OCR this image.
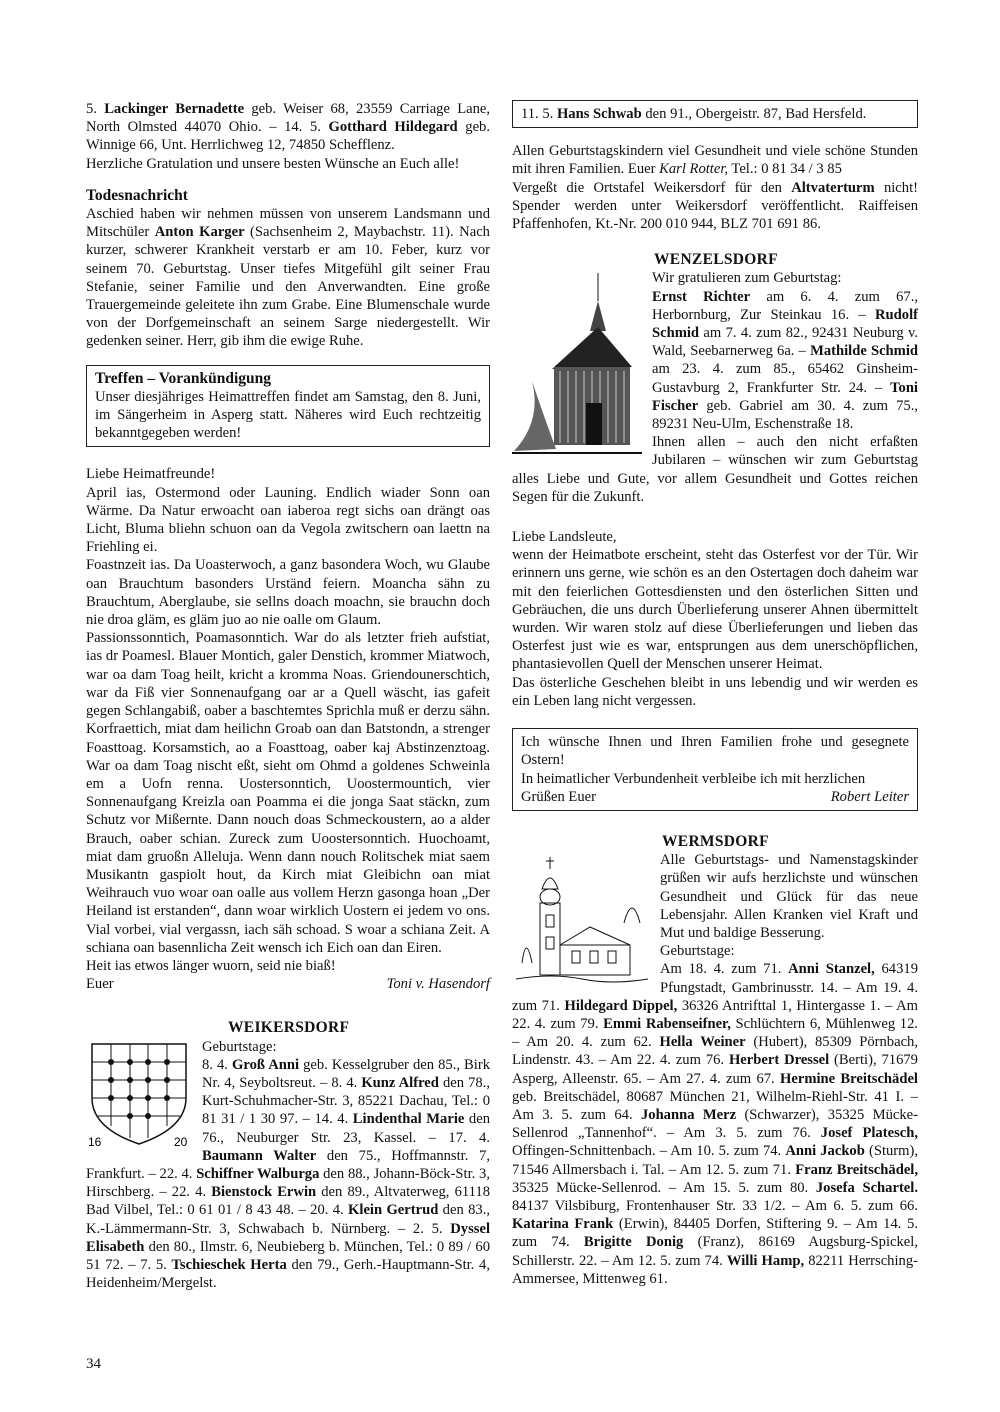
5. Lackinger Bernadette geb. Weiser 68, 23559 Carriage Lane, North Olmsted 44070 Ohio. – 14. 5. Gotthard Hildegard geb. Winnige 66, Unt. Herrlichweg 12, 74850 Schefflenz.

Herzliche Gratulation und unsere besten Wünsche an Euch alle!

Todesnachricht

Aschied haben wir nehmen müssen von unserem Landsmann und Mitschüler Anton Karger (Sachsenheim 2, Maybachstr. 11). Nach kurzer, schwerer Krankheit verstarb er am 10. Feber, kurz vor seinem 70. Geburtstag. Unser tiefes Mitgefühl gilt seiner Frau Stefanie, seiner Familie und den Anverwandten. Eine große Trauergemeinde geleitete ihn zum Grabe. Eine Blumenschale wurde von der Dorfgemeinschaft an seinem Sarge niedergestellt. Wir gedenken seiner. Herr, gib ihm die ewige Ruhe.

Treffen – Vorankündigung

Unser diesjähriges Heimattreffen findet am Samstag, den 8. Juni, im Sängerheim in Asperg statt. Näheres wird Euch rechtzeitig bekanntgegeben werden!

Liebe Heimatfreunde!

April ias, Ostermond oder Launing. Endlich wiader Sonn oan Wärme. Da Natur erwoacht oan iaberoa regt sichs oan drängt oas Licht, Bluma bliehn schuon oan da Vegola zwitschern oan laettn na Friehling ei.

Foastnzeit ias. Da Uoasterwoch, a ganz basondera Woch, wu Glaube oan Brauchtum basonders Urständ feiern. Moancha sähn zu Brauchtum, Aberglaube, sie sellns doach moachn, sie brauchn doch nie droa gläm, es gläm juo ao nie oalle om Glaum.

Passionssonntich, Poamasonntich. War do als letzter frieh aufstiat, ias dr Poamesl. Blauer Montich, galer Denstich, krommer Miatwoch, war oa dam Toag heilt, kricht a kromma Noas. Griendounerschtich, war da Fiß vier Sonnenaufgang oar ar a Quell wäscht, ias gafeit gegen Schlangabiß, oaber a baschtemtes Sprichla muß er derzu sähn. Korfraettich, miat dam heilichn Groab oan dan Batstondn, a strenger Foasttoag. Korsamstich, ao a Foasttoag, oaber kaj Abstinzenztoag. War oa dam Toag nischt eßt, sieht om Ohmd a goldenes Schweinla em a Uofn renna. Uostersonntich, Uoostermountich, vier Sonnenaufgang Kreizla oan Poamma ei die jonga Saat stäckn, zum Schutz vor Mißernte. Dann nouch doas Schmeckoustern, ao a alder Brauch, oaber schian. Zureck zum Uoostersonntich. Huochoamt, miat dam gruoßn Alleluja. Wenn dann nouch Rolitschek miat saem Musikantn gaspiolt hout, da Kirch miat Gleibichn oan miat Weihrauch vuo woar oan oalle aus vollem Herzn gasonga hoan „Der Heiland ist erstanden“, dann woar wirklich Uostern ei jedem vo ons. Vial vorbei, vial vergassn, iach säh schoad. S woar a schiana Zeit. A schiana oan basennlicha Zeit wensch ich Eich oan dan Eiren.

Heit ias etwos länger wuorn, seid nie biaß!

Euer	Toni v. Hasendorf

WEIKERSDORF

16	20

Geburtstage:

8. 4. Groß Anni geb. Kesselgruber den 85., Birk Nr. 4, Seyboltsreut. – 8. 4. Kunz Alfred den 78., Kurt-Schuhmacher-Str. 3, 85221 Dachau, Tel.: 0 81 31 / 1 30 97. – 14. 4. Lindenthal Marie den 76., Neuburger Str. 23, Kassel. – 17. 4. Baumann Walter den 75., Hoffmannstr. 7, Frankfurt. – 22. 4. Schiffner Walburga den 88., Johann-Böck-Str. 3, Hirschberg. – 22. 4. Bienstock Erwin den 89., Altvaterweg, 61118 Bad Vilbel, Tel.: 0 61 01 / 8 43 48. – 20. 4. Klein Gertrud den 83., K.-Lämmermann-Str. 3, Schwabach b. Nürnberg. – 2. 5. Dyssel Elisabeth den 80., Ilmstr. 6, Neubieberg b. München, Tel.: 0 89 / 60 51 72. – 7. 5. Tschieschek Herta den 79., Gerh.-Hauptmann-Str. 4, Heidenheim/Mergelst.

11. 5. Hans Schwab den 91., Obergeistr. 87, Bad Hersfeld.

Allen Geburtstagskindern viel Gesundheit und viele schöne Stunden mit ihren Familien. Euer Karl Rotter, Tel.: 0 81 34 / 3 85

Vergeßt die Ortstafel Weikersdorf für den Altvaterturm nicht! Spender werden unter Weikersdorf veröffentlicht. Raiffeisen Pfaffenhofen, Kt.-Nr. 200 010 944, BLZ 701 691 86.

WENZELSDORF

Wir gratulieren zum Geburtstag:

Ernst Richter am 6. 4. zum 67., Herbornburg, Zur Steinkau 16. – Rudolf Schmid am 7. 4. zum 82., 92431 Neuburg v. Wald, Seebarnerweg 6a. – Mathilde Schmid am 23. 4. zum 85., 65462 Ginsheim-Gustavburg 2, Frankfurter Str. 24. – Toni Fischer geb. Gabriel am 30. 4. zum 75., 89231 Neu-Ulm, Eschenstraße 18.

Ihnen allen – auch den nicht erfaßten Jubilaren – wünschen wir zum Geburtstag alles Liebe und Gute, vor allem Gesundheit und Gottes reichen Segen für die Zukunft.

Liebe Landsleute,

wenn der Heimatbote erscheint, steht das Osterfest vor der Tür. Wir erinnern uns gerne, wie schön es an den Ostertagen doch daheim war mit den feierlichen Gottesdiensten und den österlichen Sitten und Gebräuchen, die uns durch Überlieferung unserer Ahnen übermittelt wurden. Wir waren stolz auf diese Überlieferungen und lieben das Osterfest just wie es war, entsprungen aus dem unerschöpflichen, phantasievollen Quell der Menschen unserer Heimat.

Das österliche Geschehen bleibt in uns lebendig und wir werden es ein Leben lang nicht vergessen.

Ich wünsche Ihnen und Ihren Familien frohe und gesegnete Ostern!

In heimatlicher Verbundenheit verbleibe ich mit herzlichen

Grüßen Euer	Robert Leiter

WERMSDORF

Alle Geburtstags- und Namenstagskinder grüßen wir aufs herzlichste und wünschen Gesundheit und Glück für das neue Lebensjahr. Allen Kranken viel Kraft und Mut und baldige Besserung.

Geburtstage:

Am 18. 4. zum 71. Anni Stanzel, 64319 Pfungstadt, Gambrinusstr. 14. – Am 19. 4. zum 71. Hildegard Dippel, 36326 Antrifttal 1, Hintergasse 1. – Am 22. 4. zum 79. Emmi Rabenseifner, Schlüchtern 6, Mühlenweg 12. – Am 20. 4. zum 62. Hella Weiner (Hubert), 85309 Pörnbach, Lindenstr. 43. – Am 22. 4. zum 76. Herbert Dressel (Berti), 71679 Asperg, Alleenstr. 65. – Am 27. 4. zum 67. Hermine Breitschädel geb. Breitschädel, 80687 München 21, Wilhelm-Riehl-Str. 41 I. – Am 3. 5. zum 64. Johanna Merz (Schwarzer), 35325 Mücke-Sellenrod „Tannenhof“. – Am 3. 5. zum 76. Josef Platesch, Offingen-Schnittenbach. – Am 10. 5. zum 74. Anni Jackob (Sturm), 71546 Allmersbach i. Tal. – Am 12. 5. zum 71. Franz Breitschädel, 35325 Mücke-Sellenrod. – Am 15. 5. zum 80. Josefa Schartel. 84137 Vilsbiburg, Frontenhauser Str. 33 1/2. – Am 6. 5. zum 66. Katarina Frank (Erwin), 84405 Dorfen, Stiftering 9. – Am 14. 5. zum 74. Brigitte Donig (Franz), 86169 Augsburg-Spickel, Schillerstr. 22. – Am 12. 5. zum 74. Willi Hamp, 82211 Herrsching-Ammersee, Mittenweg 61.

34
